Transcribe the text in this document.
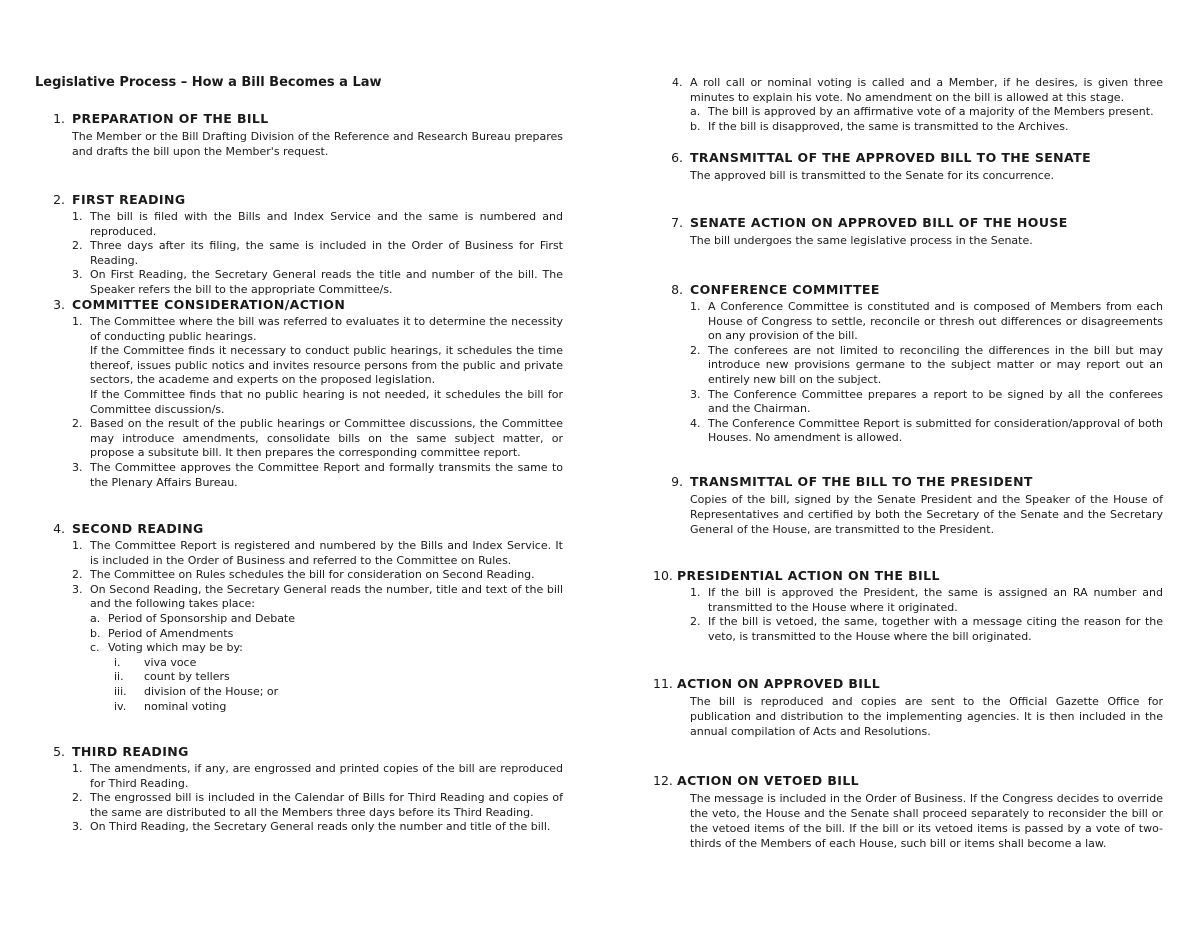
Legislative Process – How a Bill Becomes a Law
1. PREPARATION OF THE BILL
The Member or the Bill Drafting Division of the Reference and Research Bureau prepares and drafts the bill upon the Member's request.
2. FIRST READING
1. The bill is filed with the Bills and Index Service and the same is numbered and reproduced.
2. Three days after its filing, the same is included in the Order of Business for First Reading.
3. On First Reading, the Secretary General reads the title and number of the bill. The Speaker refers the bill to the appropriate Committee/s.
3. COMMITTEE CONSIDERATION/ACTION
1. The Committee where the bill was referred to evaluates it to determine the necessity of conducting public hearings.
If the Committee finds it necessary to conduct public hearings, it schedules the time thereof, issues public notics and invites resource persons from the public and private sectors, the academe and experts on the proposed legislation.
If the Committee finds that no public hearing is not needed, it schedules the bill for Committee discussion/s.
2. Based on the result of the public hearings or Committee discussions, the Committee may introduce amendments, consolidate bills on the same subject matter, or propose a subsitute bill. It then prepares the corresponding committee report.
3. The Committee approves the Committee Report and formally transmits the same to the Plenary Affairs Bureau.
4. SECOND READING
1. The Committee Report is registered and numbered by the Bills and Index Service. It is included in the Order of Business and referred to the Committee on Rules.
2. The Committee on Rules schedules the bill for consideration on Second Reading.
3. On Second Reading, the Secretary General reads the number, title and text of the bill and the following takes place:
a. Period of Sponsorship and Debate
b. Period of Amendments
c. Voting which may be by:
i.	viva voce
ii.	count by tellers
iii.	division of the House; or
iv.	nominal voting
5. THIRD READING
1. The amendments, if any, are engrossed and printed copies of the bill are reproduced for Third Reading.
2. The engrossed bill is included in the Calendar of Bills for Third Reading and copies of the same are distributed to all the Members three days before its Third Reading.
3. On Third Reading, the Secretary General reads only the number and title of the bill.
4. A roll call or nominal voting is called and a Member, if he desires, is given three minutes to explain his vote. No amendment on the bill is allowed at this stage.
a. The bill is approved by an affirmative vote of a majority of the Members present.
b. If the bill is disapproved, the same is transmitted to the Archives.
6. TRANSMITTAL OF THE APPROVED BILL TO THE SENATE
The approved bill is transmitted to the Senate for its concurrence.
7. SENATE ACTION ON APPROVED BILL OF THE HOUSE
The bill undergoes the same legislative process in the Senate.
8. CONFERENCE COMMITTEE
1. A Conference Committee is constituted and is composed of Members from each House of Congress to settle, reconcile or thresh out differences or disagreements on any provision of the bill.
2. The conferees are not limited to reconciling the differences in the bill but may introduce new provisions germane to the subject matter or may report out an entirely new bill on the subject.
3. The Conference Committee prepares a report to be signed by all the conferees and the Chairman.
4. The Conference Committee Report is submitted for consideration/approval of both Houses. No amendment is allowed.
9. TRANSMITTAL OF THE BILL TO THE PRESIDENT
Copies of the bill, signed by the Senate President and the Speaker of the House of Representatives and certified by both the Secretary of the Senate and the Secretary General of the House, are transmitted to the President.
10. PRESIDENTIAL ACTION ON THE BILL
1. If the bill is approved the President, the same is assigned an RA number and transmitted to the House where it originated.
2. If the bill is vetoed, the same, together with a message citing the reason for the veto, is transmitted to the House where the bill originated.
11. ACTION ON APPROVED BILL
The bill is reproduced and copies are sent to the Official Gazette Office for publication and distribution to the implementing agencies. It is then included in the annual compilation of Acts and Resolutions.
12. ACTION ON VETOED BILL
The message is included in the Order of Business. If the Congress decides to override the veto, the House and the Senate shall proceed separately to reconsider the bill or the vetoed items of the bill. If the bill or its vetoed items is passed by a vote of two-thirds of the Members of each House, such bill or items shall become a law.
